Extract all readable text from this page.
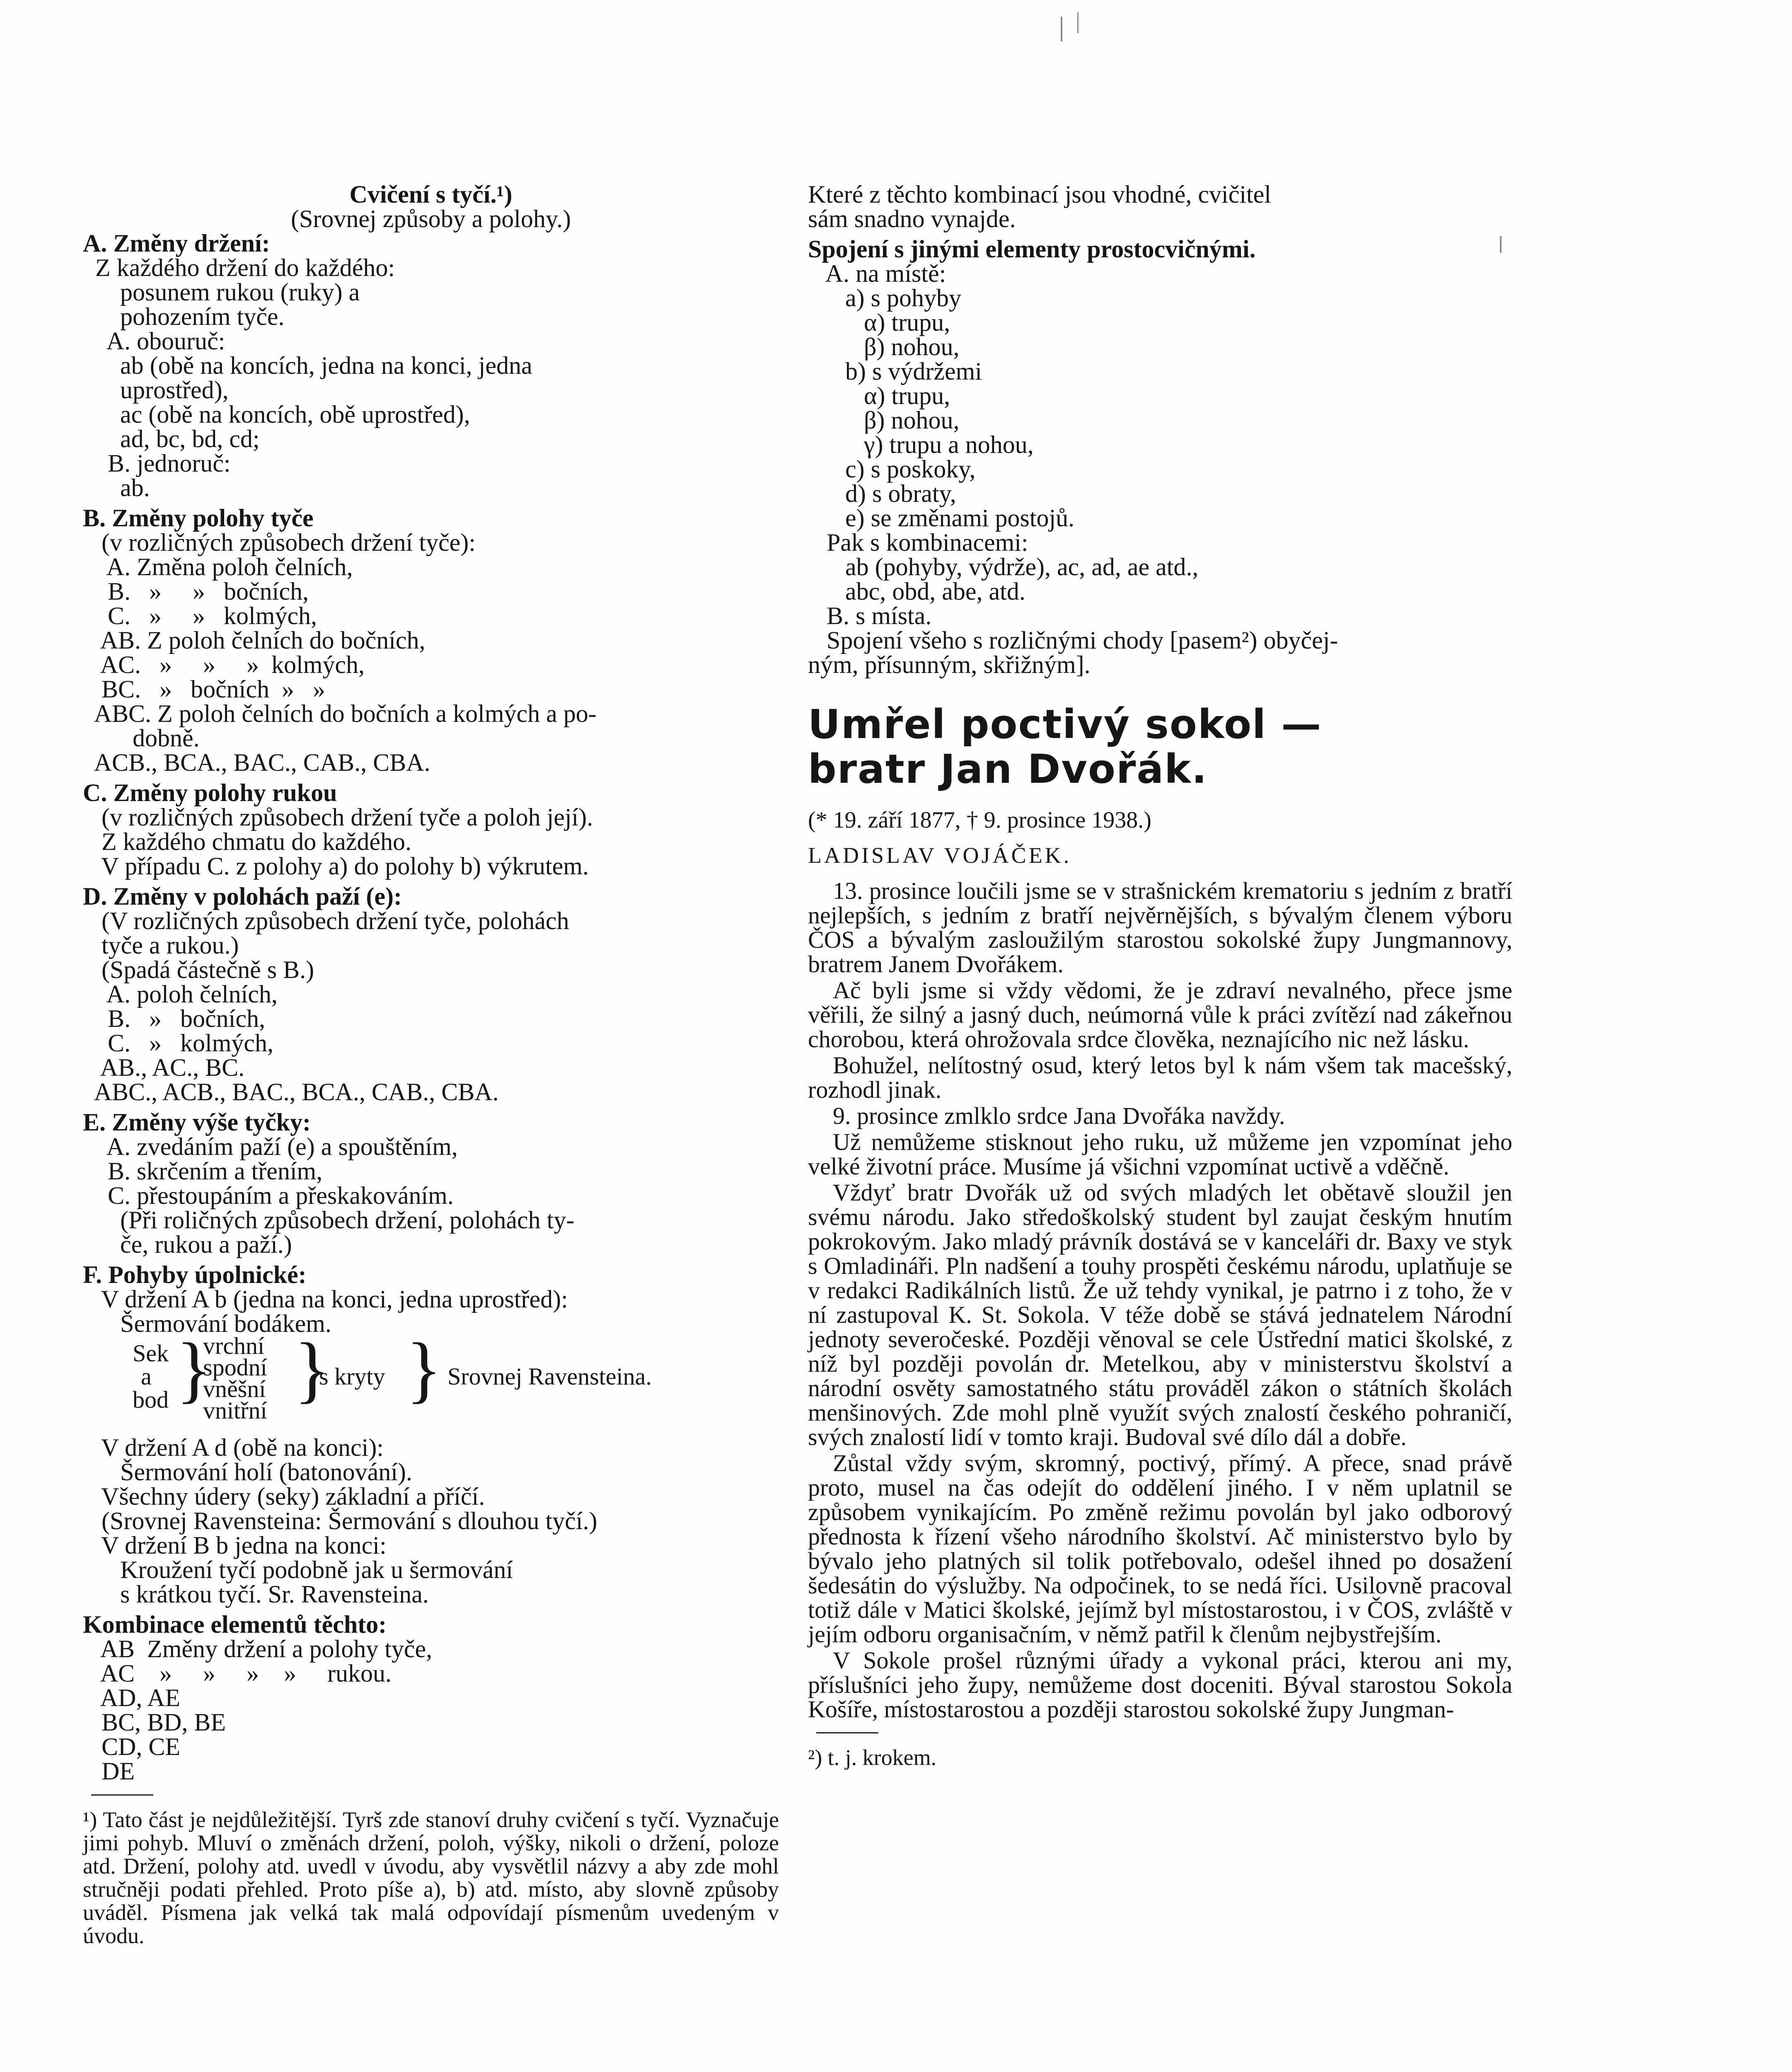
Cvičení s tyčí.¹)
(Srovnej způsoby a polohy.)
A. Změny držení:
Z každého držení do každého:
posunem rukou (ruky) a
pohozením tyče.
A. obouruč:
ab (obě na koncích, jedna na konci, jedna
uprostřed),
ac (obě na koncích, obě uprostřed),
ad, bc, bd, cd;
B. jednoruč:
ab.
B. Změny polohy tyče
(v rozličných způsobech držení tyče):
A. Změna poloh čelních,
B.   »     »   bočních,
C.   »     »   kolmých,
AB. Z poloh čelních do bočních,
AC.   »     »     »  kolmých,
BC.   »   bočních  »   »
ABC. Z poloh čelních do bočních a kolmých a po-
dobně.
ACB., BCA., BAC., CAB., CBA.
C. Změny polohy rukou
(v rozličných způsobech držení tyče a poloh její).
Z každého chmatu do každého.
V případu C. z polohy a) do polohy b) výkrutem.
D. Změny v polohách paží (e):
(V rozličných způsobech držení tyče, polohách
tyče a rukou.)
(Spadá částečně s B.)
A. poloh čelních,
B.   »   bočních,
C.   »   kolmých,
AB., AC., BC.
ABC., ACB., BAC., BCA., CAB., CBA.
E. Změny výše tyčky:
A. zvedáním paží (e) a spouštěním,
B. skrčením a třením,
C. přestoupáním a přeskakováním.
(Při roličných způsobech držení, polohách ty-
če, rukou a paží.)
F. Pohyby úpolnické:
V držení A b (jedna na konci, jedna uprostřed):
Šermování bodákem.
Sek
a
bod }
vrchní
spodní
vněšní
vnitřní
}
s kryty } Srovnej Ravensteina.
V držení A d (obě na konci):
Šermování holí (batonování).
Všechny údery (seky) základní a příčí.
(Srovnej Ravensteina: Šermování s dlouhou tyčí.)
V držení B b jedna na konci:
Kroužení tyčí podobně jak u šermování
s krátkou tyčí. Sr. Ravensteina.
Kombinace elementů těchto:
AB  Změny držení a polohy tyče,
AC    »     »     »    »     rukou.
AD, AE
BC, BD, BE
CD, CE
DE
¹) Tato část je nejdůležitější. Tyrš zde stanoví druhy cvičení s tyčí. Vyznačuje jimi pohyb. Mluví o změnách držení, poloh, výšky, nikoli o držení, poloze atd. Držení, polohy atd. uvedl v úvodu, aby vysvětlil názvy a aby zde mohl stručněji podati přehled. Proto píše a), b) atd. místo, aby slovně způsoby uváděl. Písmena jak velká tak malá odpovídají písmenům uvedeným v úvodu.
Které z těchto kombinací jsou vhodné, cvičitel
sám snadno vynajde.
Spojení s jinými elementy prostocvičnými.
A. na místě:
a) s pohyby
α) trupu,
β) nohou,
b) s výdržemi
α) trupu,
β) nohou,
γ) trupu a nohou,
c) s poskoky,
d) s obraty,
e) se změnami postojů.
Pak s kombinacemi:
ab (pohyby, výdrže), ac, ad, ae atd.,
abc, obd, abe, atd.
B. s místa.
Spojení všeho s rozličnými chody [pasem²) obyčej-
ným, přísunným, skřižným].
Umřel poctivý sokol —
bratr Jan Dvořák.
(* 19. září 1877, † 9. prosince 1938.)
LADISLAV VOJÁČEK.

13. prosince loučili jsme se v strašnickém krematoriu s jedním z bratří nejlepších, s jedním z bratří nejvěrnějších, s bývalým členem výboru ČOS a bývalým zasloužilým starostou sokolské župy Jungmannovy, bratrem Janem Dvořákem.

Ač byli jsme si vždy vědomi, že je zdraví nevalného, přece jsme věřili, že silný a jasný duch, neúmorná vůle k práci zvítězí nad zákeřnou chorobou, která ohrožovala srdce člověka, neznajícího nic než lásku.

Bohužel, nelítostný osud, který letos byl k nám všem tak macešský, rozhodl jinak.

9. prosince zmlklo srdce Jana Dvořáka navždy.

Už nemůžeme stisknout jeho ruku, už můžeme jen vzpomínat jeho velké životní práce. Musíme já všichni vzpomínat uctivě a vděčně.

Vždyť bratr Dvořák už od svých mladých let obětavě sloužil jen svému národu. Jako středoškolský student byl zaujat českým hnutím pokrokovým. Jako mladý právník dostává se v kanceláři dr. Baxy ve styk s Omladináři. Pln nadšení a touhy prospěti českému národu, uplatňuje se v redakci Radikálních listů. Že už tehdy vynikal, je patrno i z toho, že v ní zastupoval K. St. Sokola. V téže době se stává jednatelem Národní jednoty severočeské. Později věnoval se cele Ústřední matici školské, z níž byl později povolán dr. Metelkou, aby v ministerstvu školství a národní osvěty samostatného státu prováděl zákon o státních školách menšinových. Zde mohl plně využít svých znalostí českého pohraničí, svých znalostí lidí v tomto kraji. Budoval své dílo dál a dobře.

Zůstal vždy svým, skromný, poctivý, přímý. A přece, snad právě proto, musel na čas odejít do oddělení jiného. I v něm uplatnil se způsobem vynikajícím. Po změně režimu povolán byl jako odborový přednosta k řízení všeho národního školství. Ač ministerstvo bylo by bývalo jeho platných sil tolik potřebovalo, odešel ihned po dosažení šedesátin do výslužby. Na odpočinek, to se nedá říci. Usilovně pracoval totiž dále v Matici školské, jejímž byl místostarostou, i v ČOS, zvláště v jejím odboru organisačním, v němž patřil k členům nejbystřejším.

V Sokole prošel různými úřady a vykonal práci, kterou ani my, příslušníci jeho župy, nemůžeme dost doceniti. Býval starostou Sokola Košíře, místostarostou a později starostou sokolské župy Jungman-

²) t. j. krokem.
